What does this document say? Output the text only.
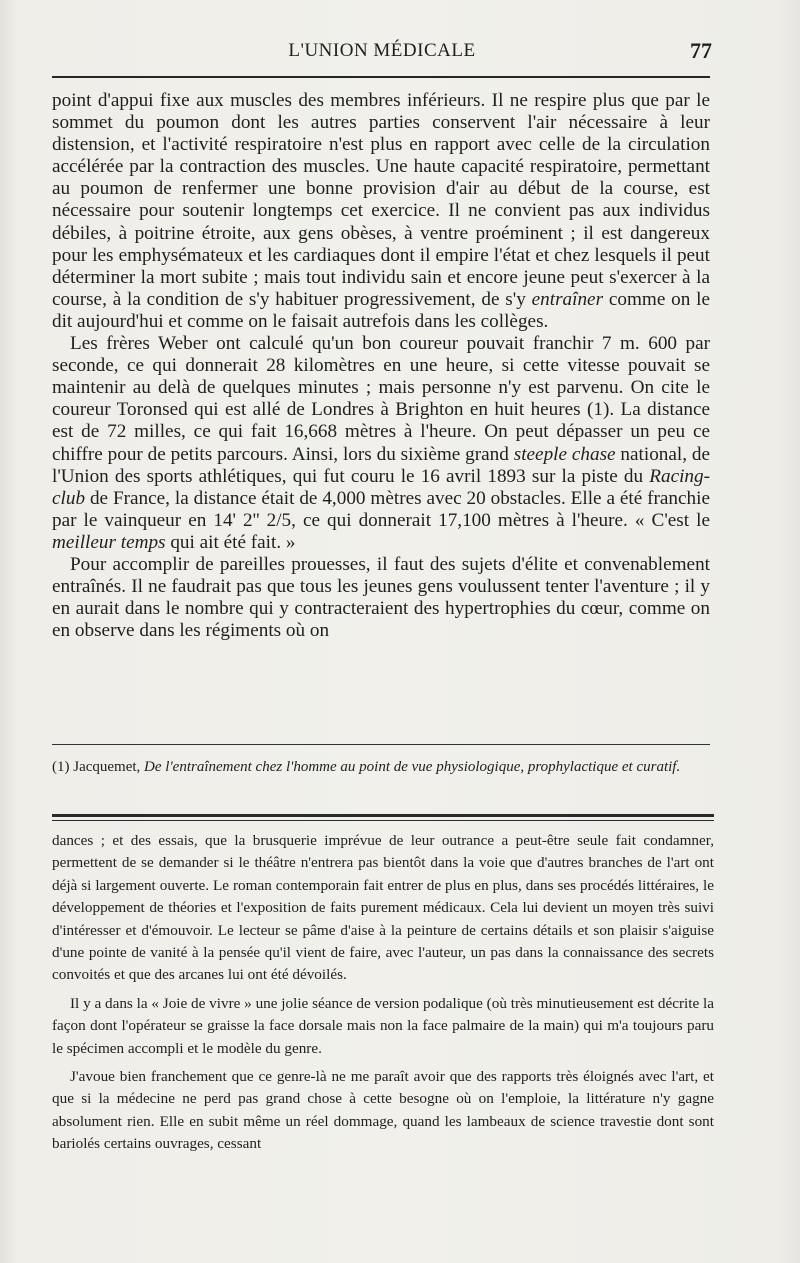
L'UNION MÉDICALE	77

point d'appui fixe aux muscles des membres inférieurs. Il ne respire plus que par le sommet du poumon dont les autres parties conservent l'air nécessaire à leur distension, et l'activité respiratoire n'est plus en rapport avec celle de la circulation accélérée par la contraction des muscles. Une haute capacité respiratoire, permettant au poumon de renfermer une bonne provision d'air au début de la course, est nécessaire pour soutenir longtemps cet exercice. Il ne convient pas aux individus débiles, à poitrine étroite, aux gens obèses, à ventre proéminent ; il est dangereux pour les emphysémateux et les cardiaques dont il empire l'état et chez lesquels il peut déterminer la mort subite ; mais tout individu sain et encore jeune peut s'exercer à la course, à la condition de s'y habituer progressivement, de s'y entraîner comme on le dit aujourd'hui et comme on le faisait autrefois dans les collèges.

Les frères Weber ont calculé qu'un bon coureur pouvait franchir 7 m. 600 par seconde, ce qui donnerait 28 kilomètres en une heure, si cette vitesse pouvait se maintenir au delà de quelques minutes ; mais personne n'y est parvenu. On cite le coureur Toronsed qui est allé de Londres à Brighton en huit heures (1). La distance est de 72 milles, ce qui fait 16,668 mètres à l'heure. On peut dépasser un peu ce chiffre pour de petits parcours. Ainsi, lors du sixième grand steeple chase national, de l'Union des sports athlétiques, qui fut couru le 16 avril 1893 sur la piste du Racing-club de France, la distance était de 4,000 mètres avec 20 obstacles. Elle a été franchie par le vainqueur en 14' 2'' 2/5, ce qui donnerait 17,100 mètres à l'heure. « C'est le meilleur temps qui ait été fait. »

Pour accomplir de pareilles prouesses, il faut des sujets d'élite et convenablement entraînés. Il ne faudrait pas que tous les jeunes gens voulussent tenter l'aventure ; il y en aurait dans le nombre qui y contracteraient des hypertrophies du cœur, comme on en observe dans les régiments où on

(1) Jacquemet, De l'entraînement chez l'homme au point de vue physiologique, prophylactique et curatif.

dances ; et des essais, que la brusquerie imprévue de leur outrance a peut-être seule fait condamner, permettent de se demander si le théâtre n'entrera pas bientôt dans la voie que d'autres branches de l'art ont déjà si largement ouverte. Le roman contemporain fait entrer de plus en plus, dans ses procédés littéraires, le développement de théories et l'exposition de faits purement médicaux. Cela lui devient un moyen très suivi d'intéresser et d'émouvoir. Le lecteur se pâme d'aise à la peinture de certains détails et son plaisir s'aiguise d'une pointe de vanité à la pensée qu'il vient de faire, avec l'auteur, un pas dans la connaissance des secrets convoités et que des arcanes lui ont été dévoilés.

Il y a dans la « Joie de vivre » une jolie séance de version podalique (où très minutieusement est décrite la façon dont l'opérateur se graisse la face dorsale mais non la face palmaire de la main) qui m'a toujours paru le spécimen accompli et le modèle du genre.

J'avoue bien franchement que ce genre-là ne me paraît avoir que des rapports très éloignés avec l'art, et que si la médecine ne perd pas grand chose à cette besogne où on l'emploie, la littérature n'y gagne absolument rien. Elle en subit même un réel dommage, quand les lambeaux de science travestie dont sont bariolés certains ouvrages, cessant
